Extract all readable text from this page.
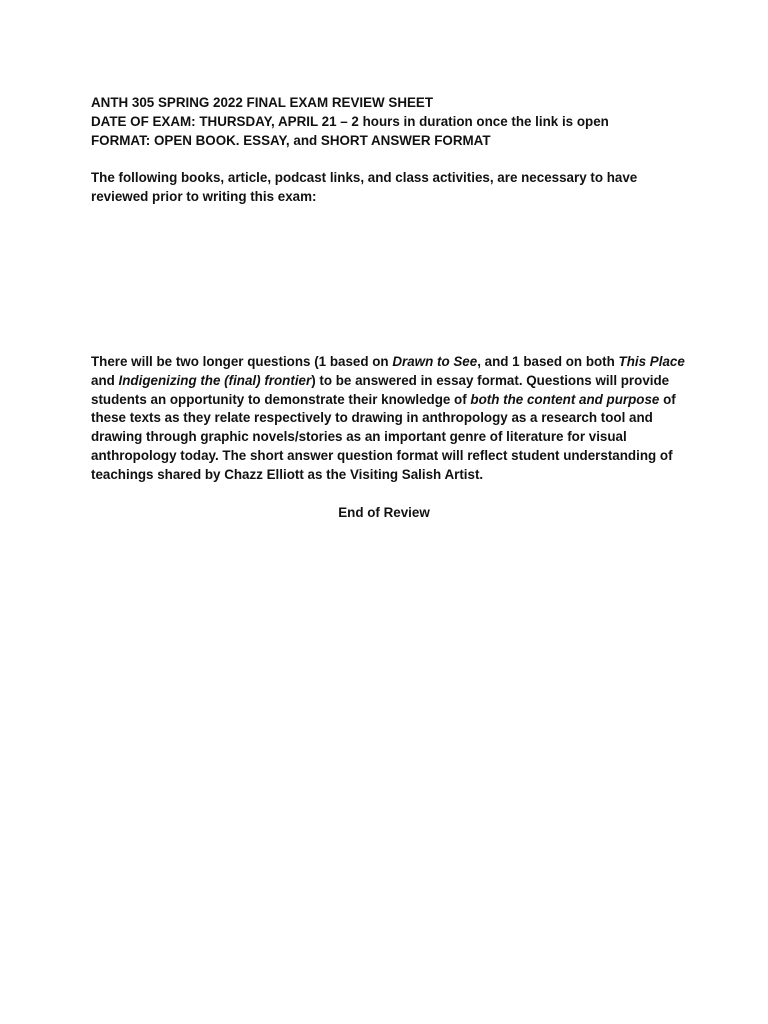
ANTH 305 SPRING 2022 FINAL EXAM REVIEW SHEET
DATE OF EXAM: THURSDAY, APRIL 21 – 2 hours in duration once the link is open
FORMAT: OPEN BOOK. ESSAY, and SHORT ANSWER FORMAT
The following books, article, podcast links, and class activities, are necessary to have reviewed prior to writing this exam:

There will be two longer questions (1 based on Drawn to See, and 1 based on both This Place and Indigenizing the (final) frontier) to be answered in essay format. Questions will provide students an opportunity to demonstrate their knowledge of both the content and purpose of these texts as they relate respectively to drawing in anthropology as a research tool and drawing through graphic novels/stories as an important genre of literature for visual anthropology today. The short answer question format will reflect student understanding of teachings shared by Chazz Elliott as the Visiting Salish Artist.

End of Review
